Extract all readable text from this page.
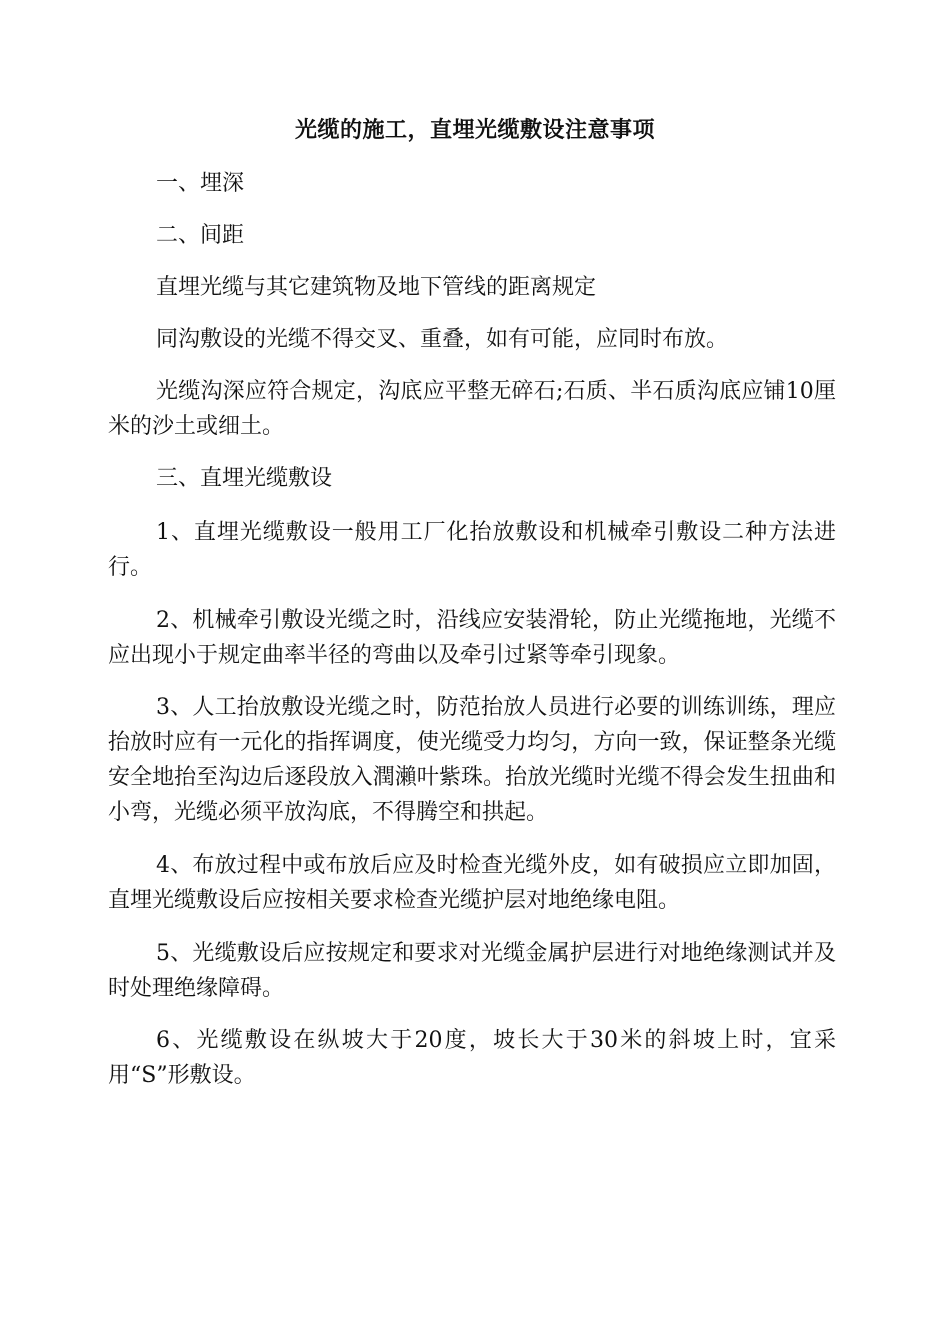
光缆的施工，直埋光缆敷设注意事项

一、埋深

二、间距

直埋光缆与其它建筑物及地下管线的距离规定

同沟敷设的光缆不得交叉、重叠，如有可能，应同时布放。

光缆沟深应符合规定，沟底应平整无碎石;石质、半石质沟底应铺10厘米的沙土或细土。

三、直埋光缆敷设

1、直埋光缆敷设一般用工厂化抬放敷设和机械牵引敷设二种方法进行。

2、机械牵引敷设光缆之时，沿线应安装滑轮，防止光缆拖地，光缆不应出现小于规定曲率半径的弯曲以及牵引过紧等牵引现象。

3、人工抬放敷设光缆之时，防范抬放人员进行必要的训练训练，理应抬放时应有一元化的指挥调度，使光缆受力均匀，方向一致，保证整条光缆安全地抬至沟边后逐段放入潤瀨叶紫珠。抬放光缆时光缆不得会发生扭曲和小弯，光缆必须平放沟底，不得腾空和拱起。

4、布放过程中或布放后应及时检查光缆外皮，如有破损应立即加固，直埋光缆敷设后应按相关要求检查光缆护层对地绝缘电阻。

5、光缆敷设后应按规定和要求对光缆金属护层进行对地绝缘测试并及时处理绝缘障碍。

6、光缆敷设在纵坡大于20度，坡长大于30米的斜坡上时，宜采用“S”形敷设。
